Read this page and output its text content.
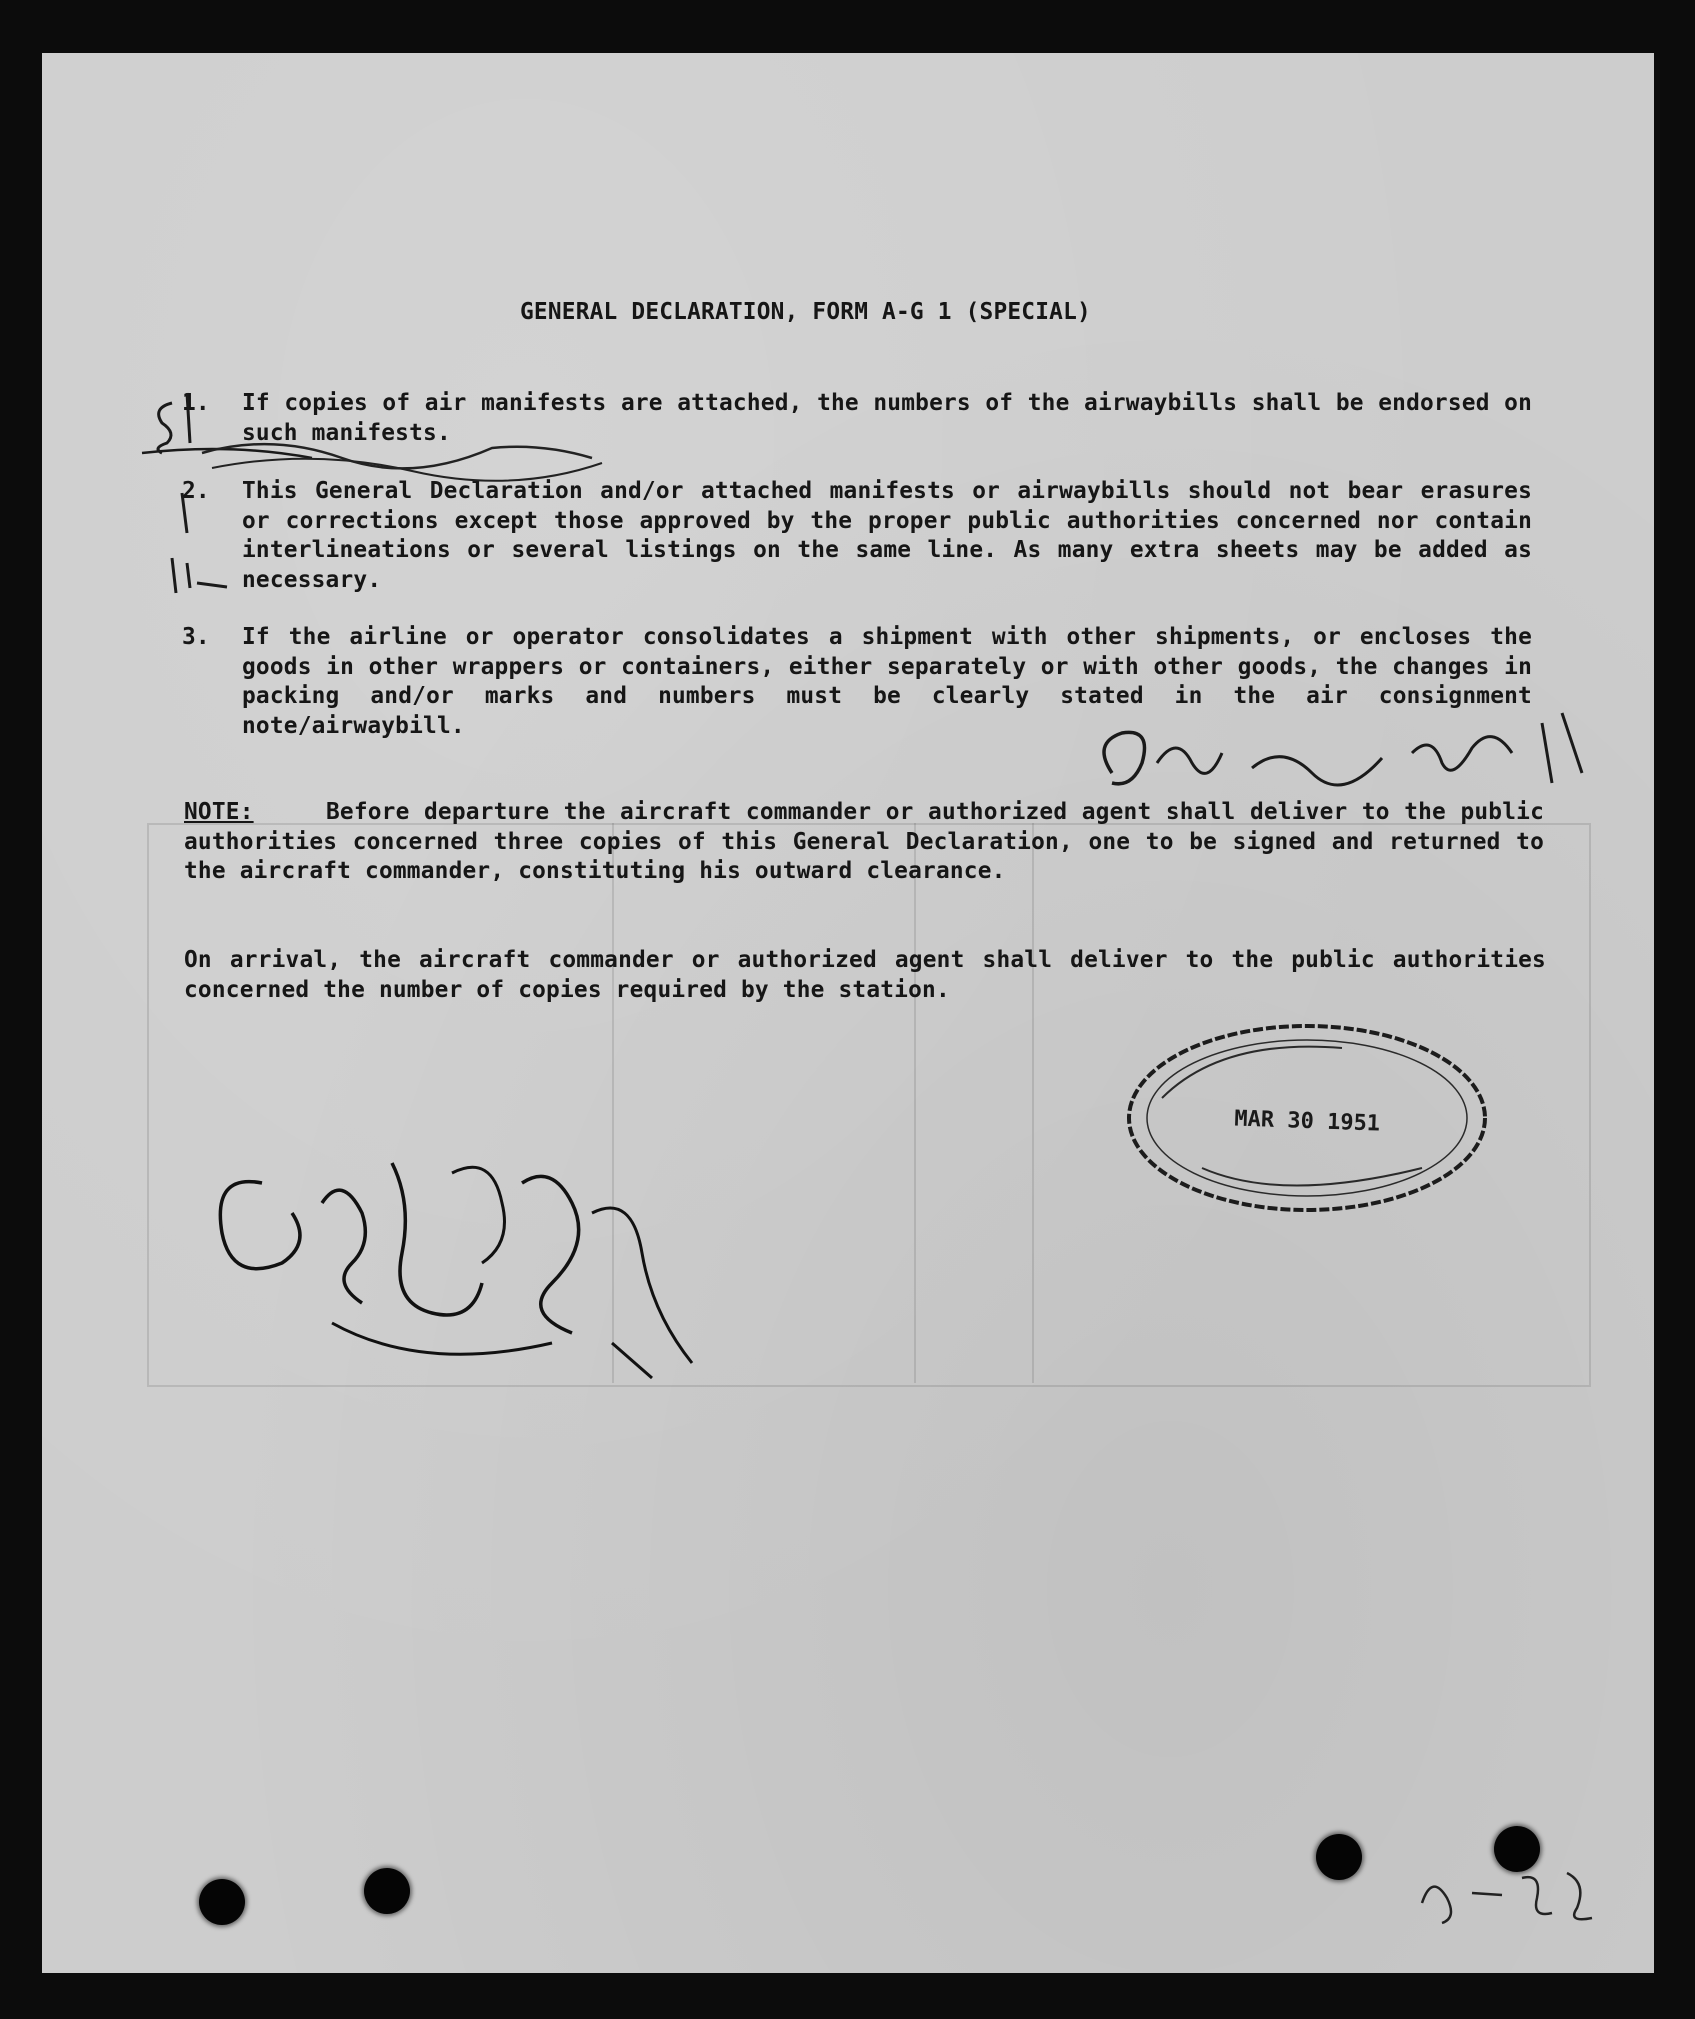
GENERAL DECLARATION, FORM A-G 1 (SPECIAL)
1. If copies of air manifests are attached, the numbers of the airwaybills shall be endorsed on such manifests.
2. This General Declaration and/or attached manifests or airwaybills should not bear erasures or corrections except those approved by the proper public authorities concerned nor contain interlineations or several listings on the same line. As many extra sheets may be added as necessary.
3. If the airline or operator consolidates a shipment with other shipments, or encloses the goods in other wrappers or containers, either separately or with other goods, the changes in packing and/or marks and numbers must be clearly stated in the air consignment note/airwaybill.
NOTE:	Before departure the aircraft commander or authorized agent shall deliver to the public authorities concerned three copies of this General Declaration, one to be signed and returned to the aircraft commander, constituting his outward clearance.
On arrival, the aircraft commander or authorized agent shall deliver to the public authorities concerned the number of copies required by the station.
MAR 30 1951
